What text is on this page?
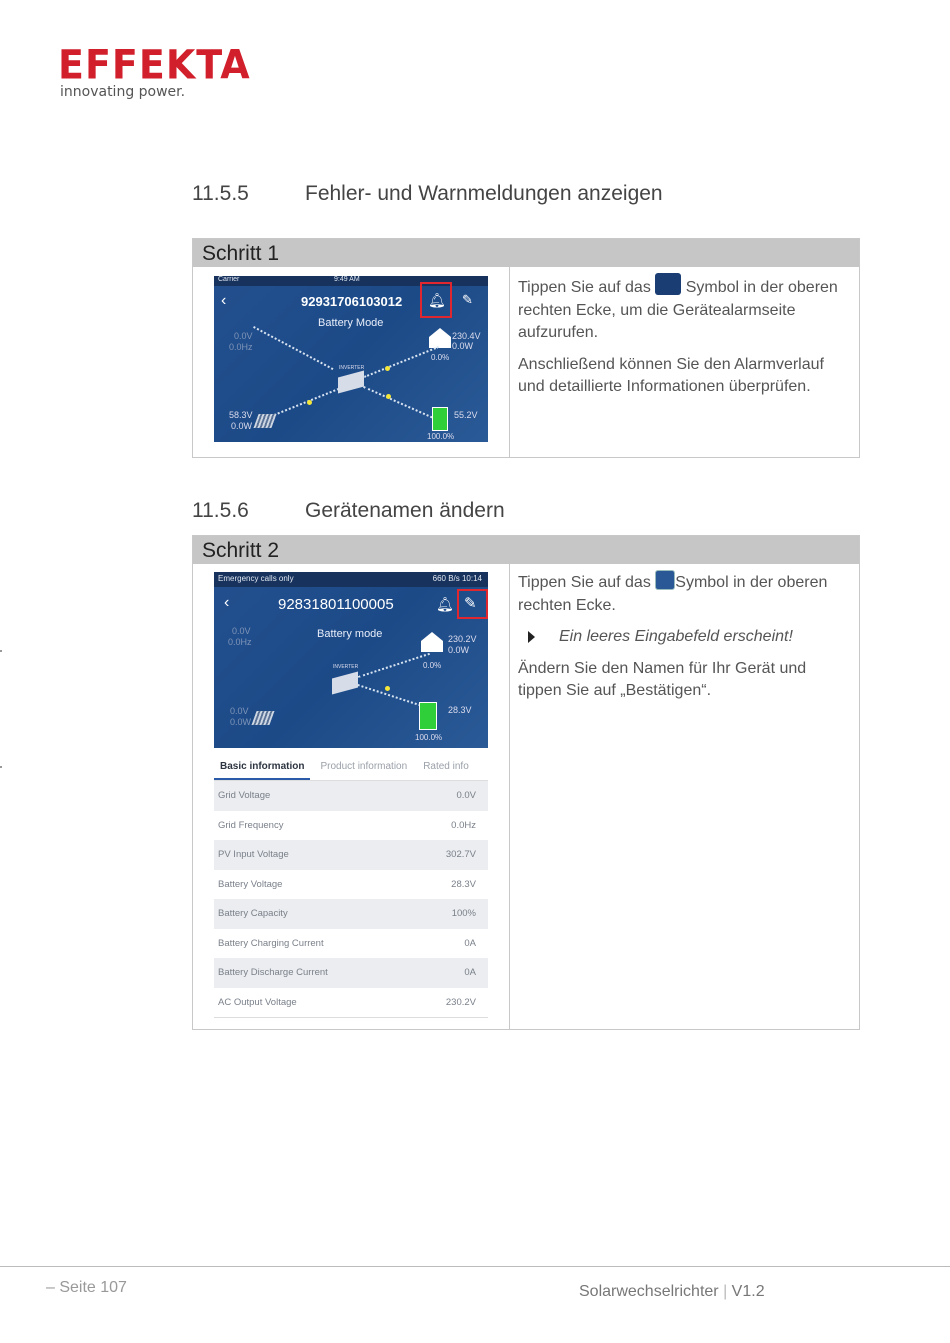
EFFEKTA
innovating power.
11.5.5	Fehler- und Warnmeldungen anzeigen
Schritt 1
Carrier	9:49 AM
‹	92931706103012
Battery Mode
🔔︎ ✎
0.0V
0.0Hz
230.4V
0.0W
0.0%
INVERTER
58.3V
0.0W
55.2V
100.0%

Tippen Sie auf das Symbol in der oberen rechten Ecke, um die Gerätealarmseite aufzurufen.

Anschließend können Sie den Alarmverlauf und detaillierte Informationen überprüfen.

11.5.6	Gerätenamen ändern
Schritt 2
Emergency calls only	660 B/s 10:14
‹	92831801100005
Battery mode
🔔︎ ✎
0.0V
0.0Hz	230.2V
0.0W
0.0%
INVERTER
0.0V
0.0W
28.3V
100.0%
Basic information	Product information	Rated info
Grid Voltage	0.0V
Grid Frequency	0.0Hz
PV Input Voltage	302.7V
Battery Voltage	28.3V
Battery Capacity	100%
Battery Charging Current	0A
Battery Discharge Current	0A
AC Output Voltage	230.2V

Tippen Sie auf das Symbol in der oberen rechten Ecke.

Ein leeres Eingabefeld erscheint!

Ändern Sie den Namen für Ihr Gerät und tippen Sie auf „Bestätigen“.

– Seite 107	Solarwechselrichter | V1.2
